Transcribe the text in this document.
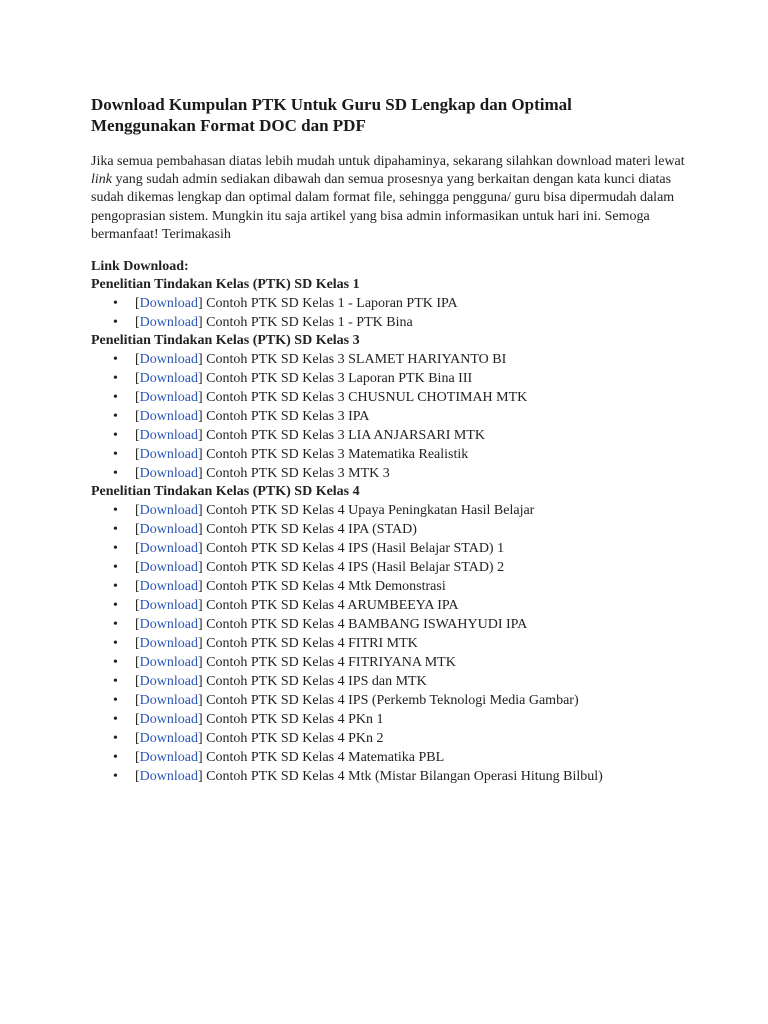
Download Kumpulan PTK Untuk Guru SD Lengkap dan Optimal
Menggunakan Format DOC dan PDF

Jika semua pembahasan diatas lebih mudah untuk dipahaminya, sekarang silahkan download materi lewat link yang sudah admin sediakan dibawah dan semua prosesnya yang berkaitan dengan kata kunci diatas sudah dikemas lengkap dan optimal dalam format file, sehingga pengguna/ guru bisa dipermudah dalam pengoprasian sistem. Mungkin itu saja artikel yang bisa admin informasikan untuk hari ini. Semoga bermanfaat! Terimakasih

Link Download:

Penelitian Tindakan Kelas (PTK) SD Kelas 1
• [Download] Contoh PTK SD Kelas 1 - Laporan PTK IPA
• [Download] Contoh PTK SD Kelas 1 - PTK Bina
Penelitian Tindakan Kelas (PTK) SD Kelas 3
• [Download] Contoh PTK SD Kelas 3 SLAMET HARIYANTO BI
• [Download] Contoh PTK SD Kelas 3 Laporan PTK Bina III
• [Download] Contoh PTK SD Kelas 3 CHUSNUL CHOTIMAH MTK
• [Download] Contoh PTK SD Kelas 3 IPA
• [Download] Contoh PTK SD Kelas 3 LIA ANJARSARI MTK
• [Download] Contoh PTK SD Kelas 3 Matematika Realistik
• [Download] Contoh PTK SD Kelas 3 MTK 3
Penelitian Tindakan Kelas (PTK) SD Kelas 4
• [Download] Contoh PTK SD Kelas 4 Upaya Peningkatan Hasil Belajar
• [Download] Contoh PTK SD Kelas 4 IPA (STAD)
• [Download] Contoh PTK SD Kelas 4 IPS (Hasil Belajar STAD) 1
• [Download] Contoh PTK SD Kelas 4 IPS (Hasil Belajar STAD) 2
• [Download] Contoh PTK SD Kelas 4 Mtk Demonstrasi
• [Download] Contoh PTK SD Kelas 4 ARUMBEEYA IPA
• [Download] Contoh PTK SD Kelas 4 BAMBANG ISWAHYUDI IPA
• [Download] Contoh PTK SD Kelas 4 FITRI MTK
• [Download] Contoh PTK SD Kelas 4 FITRIYANA MTK
• [Download] Contoh PTK SD Kelas 4 IPS dan MTK
• [Download] Contoh PTK SD Kelas 4 IPS (Perkemb Teknologi Media Gambar)
• [Download] Contoh PTK SD Kelas 4 PKn 1
• [Download] Contoh PTK SD Kelas 4 PKn 2
• [Download] Contoh PTK SD Kelas 4 Matematika PBL
• [Download] Contoh PTK SD Kelas 4 Mtk (Mistar Bilangan Operasi Hitung Bilbul)
